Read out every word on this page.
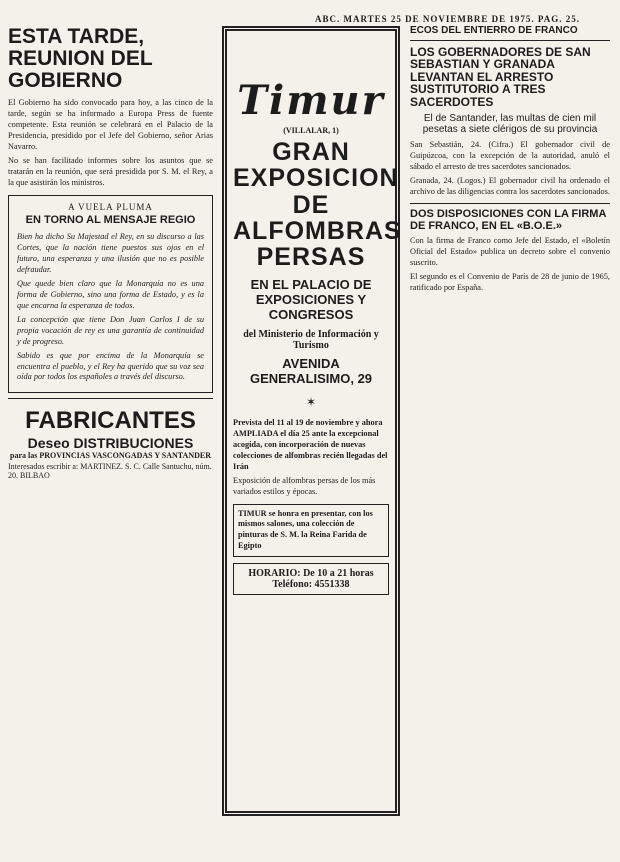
ABC. MARTES 25 DE NOVIEMBRE DE 1975. PAG. 25.
ESTA TARDE, REUNION DEL GOBIERNO

El Gobierno ha sido convocado para hoy, a las cinco de la tarde, según se ha informado a Europa Press de fuente competente. Esta reunión se celebrará en el Palacio de la Presidencia, presidido por el Jefe del Gobierno, señor Arias Navarro.

No se han facilitado informes sobre los asuntos que se tratarán en la reunión, que será presidida por S. M. el Rey, a la que asistirán los ministros.

A VUELA PLUMA
EN TORNO AL MENSAJE REGIO

Bien ha dicho Su Majestad el Rey, en su discurso a las Cortes, que la nación tiene puestos sus ojos en el futuro, una esperanza y una ilusión que no es posible defraudar.

Que quede bien claro que la Monarquía no es una forma de Gobierno, sino una forma de Estado, y es la que encarna la esperanza de todos.

La concepción que tiene Don Juan Carlos I de su propia vocación de rey es una garantía de continuidad y de progreso.

Sabido es que por encima de la Monarquía se encuentra el pueblo, y el Rey ha querido que su voz sea oída por todos los españoles a través del discurso.

FABRICANTES
Deseo DISTRIBUCIONES
para las PROVINCIAS VASCONGADAS Y SANTANDER
Interesados escribir a: MARTINEZ. S. C. Calle Santuchu, núm. 20. BILBAO
Timur
(VILLALAR, 1)
GRAN EXPOSICION DE ALFOMBRAS PERSAS
EN EL PALACIO DE EXPOSICIONES Y CONGRESOS
del Ministerio de Información y Turismo
AVENIDA GENERALISIMO, 29
✶

Prevista del 11 al 19 de noviembre y ahora AMPLIADA el día 25 ante la excepcional acogida, con incorporación de nuevas colecciones de alfombras recién llegadas del Irán

Exposición de alfombras persas de los más variados estilos y épocas.

TIMUR se honra en presentar, con los mismos salones, una colección de pinturas de S. M. la Reina Farida de Egipto

HORARIO: De 10 a 21 horas
Teléfono: 4551338
ECOS DEL ENTIERRO DE FRANCO
LOS GOBERNADORES DE SAN SEBASTIAN Y GRANADA LEVANTAN EL ARRESTO SUSTITUTORIO A TRES SACERDOTES
El de Santander, las multas de cien mil pesetas a siete clérigos de su provincia

San Sebastián, 24. (Cifra.) El gobernador civil de Guipúzcoa, con la excepción de la autoridad, anuló el sábado el arresto de tres sacerdotes sancionados.

Granada, 24. (Logos.) El gobernador civil ha ordenado el archivo de las diligencias contra los sacerdotes sancionados.

DOS DISPOSICIONES CON LA FIRMA DE FRANCO, EN EL «B.O.E.»

Con la firma de Franco como Jefe del Estado, el «Boletín Oficial del Estado» publica un decreto sobre el convenio suscrito.

El segundo es el Convenio de París de 28 de junio de 1965, ratificado por España.
